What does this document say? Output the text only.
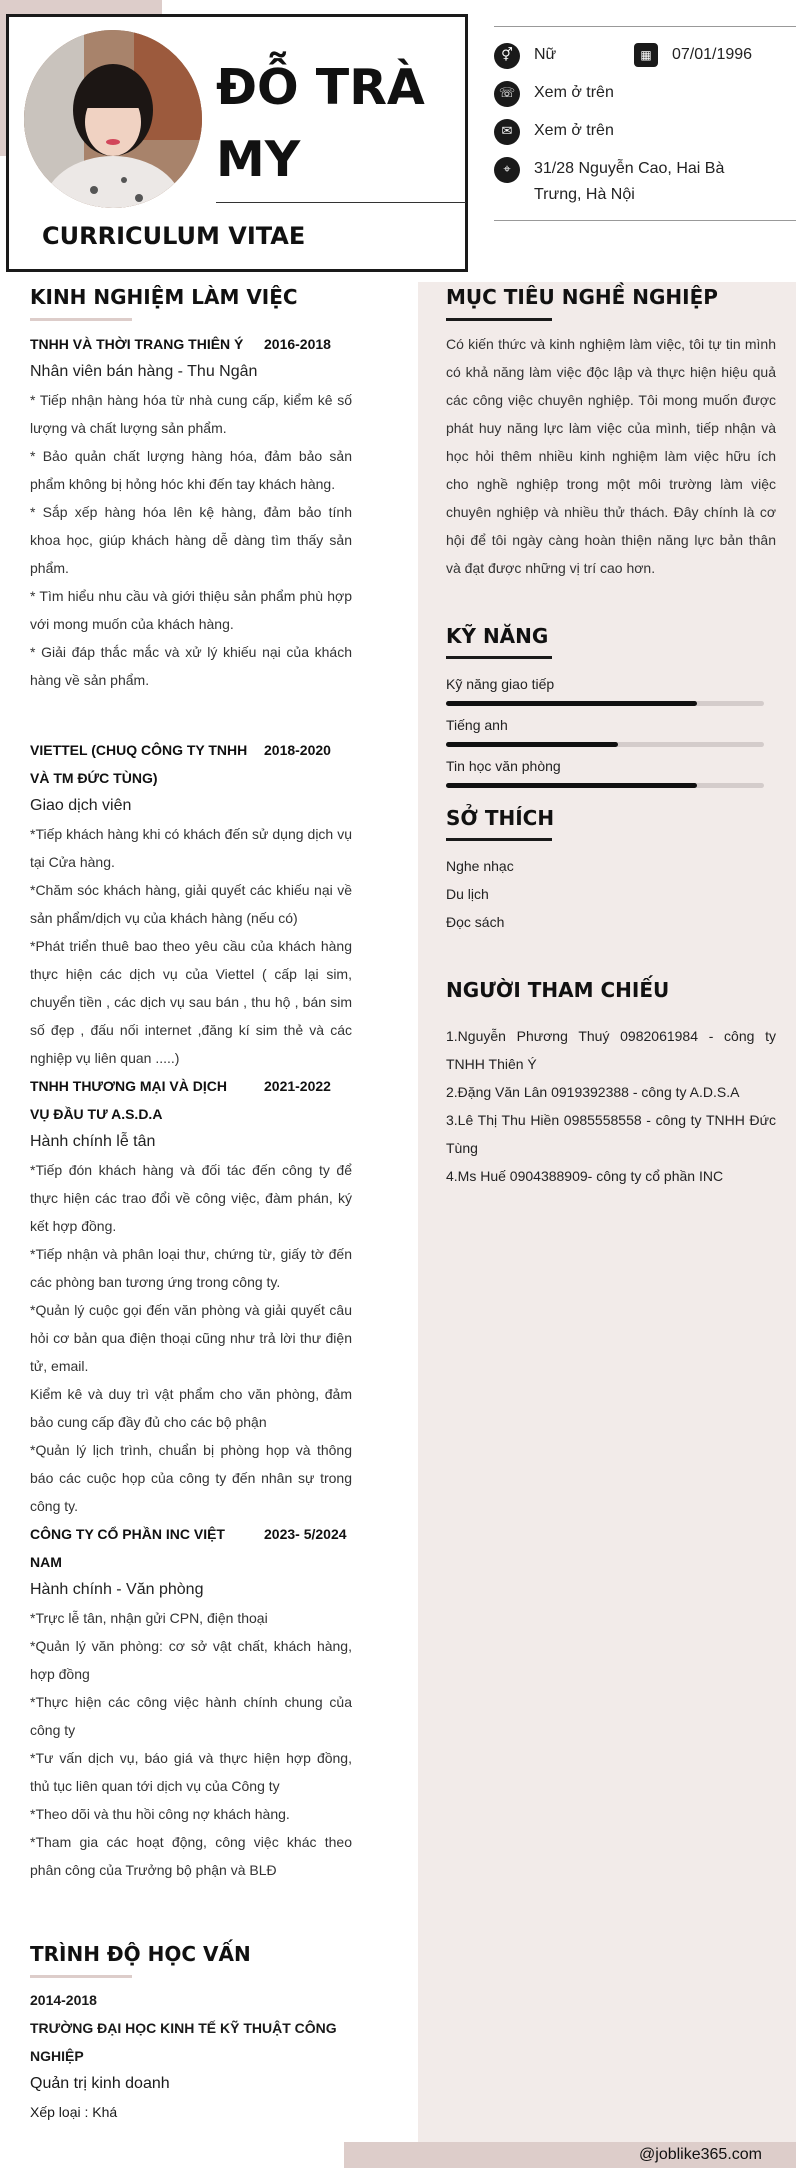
ĐỖ TRÀ MY
CURRICULUM VITAE
⚥	Nữ	▦	07/01/1996
☏	Xem ở trên
✉	Xem ở trên
⌖	31/28 Nguyễn Cao, Hai Bà Trưng, Hà Nội
KINH NGHIỆM LÀM VIỆC
TNHH VÀ THỜI TRANG THIÊN Ý	2016-2018
Nhân viên bán hàng - Thu Ngân
* Tiếp nhận hàng hóa từ nhà cung cấp, kiểm kê số lượng và chất lượng sản phẩm.
* Bảo quản chất lượng hàng hóa, đảm bảo sản phẩm không bị hỏng hóc khi đến tay khách hàng.
* Sắp xếp hàng hóa lên kệ hàng, đảm bảo tính khoa học, giúp khách hàng dễ dàng tìm thấy sản phẩm.
* Tìm hiểu nhu cầu và giới thiệu sản phẩm phù hợp với mong muốn của khách hàng.
* Giải đáp thắc mắc và xử lý khiếu nại của khách hàng về sản phẩm.
VIETTEL (CHUQ CÔNG TY TNHH VÀ TM ĐỨC TÙNG)
2018-2020
Giao dịch viên
*Tiếp khách hàng khi có khách đến sử dụng dịch vụ tại Cửa hàng.
*Chăm sóc khách hàng, giải quyết các khiếu nại về sản phẩm/dịch vụ của khách hàng (nếu có)
*Phát triển thuê bao theo yêu cầu của khách hàng thực hiện các dịch vụ của Viettel ( cấp lại sim, chuyển tiền , các dịch vụ sau bán , thu hộ , bán sim số đẹp , đấu nối internet ,đăng kí sim thẻ và các nghiệp vụ liên quan .....)
TNHH THƯƠNG MẠI VÀ DỊCH VỤ ĐẦU TƯ A.S.D.A
2021-2022
Hành chính lễ tân
*Tiếp đón khách hàng và đối tác đến công ty để thực hiện các trao đổi về công việc, đàm phán, ký kết hợp đồng.
*Tiếp nhận và phân loại thư, chứng từ, giấy tờ đến các phòng ban tương ứng trong công ty.
*Quản lý cuộc gọi đến văn phòng và giải quyết câu hỏi cơ bản qua điện thoại cũng như trả lời thư điện tử, email.
Kiểm kê và duy trì vật phẩm cho văn phòng, đảm bảo cung cấp đầy đủ cho các bộ phận
*Quản lý lịch trình, chuẩn bị phòng họp và thông báo các cuộc họp của công ty đến nhân sự trong công ty.
CÔNG TY CỔ PHẦN INC VIỆT NAM
2023- 5/2024
Hành chính - Văn phòng
*Trực lễ tân, nhận gửi CPN, điện thoại
*Quản lý văn phòng: cơ sở vật chất, khách hàng, hợp đồng
*Thực hiện các công việc hành chính chung của công ty
*Tư vấn dịch vụ, báo giá và thực hiện hợp đồng, thủ tục liên quan tới dịch vụ của Công ty
*Theo dõi và thu hồi công nợ khách hàng.
*Tham gia các hoạt động, công việc khác theo phân công của Trưởng bộ phận và BLĐ
TRÌNH ĐỘ HỌC VẤN
2014-2018
TRƯỜNG ĐẠI HỌC KINH TẾ KỸ THUẬT CÔNG NGHIỆP
Quản trị kinh doanh
Xếp loại : Khá
MỤC TIÊU NGHỀ NGHIỆP
Có kiến thức và kinh nghiệm làm việc, tôi tự tin mình có khả năng làm việc độc lập và thực hiện hiệu quả các công việc chuyên nghiệp. Tôi mong muốn được phát huy năng lực làm việc của mình, tiếp nhận và học hỏi thêm nhiều kinh nghiệm làm việc hữu ích cho nghề nghiệp trong một môi trường làm việc chuyên nghiệp và nhiều thử thách. Đây chính là cơ hội để tôi ngày càng hoàn thiện năng lực bản thân và đạt được những vị trí cao hơn.
KỸ NĂNG
Kỹ năng giao tiếp
Tiếng anh
Tin học văn phòng
SỞ THÍCH
Nghe nhạc
Du lịch
Đọc sách
NGƯỜI THAM CHIẾU
1.Nguyễn Phương Thuý 0982061984 - công ty TNHH Thiên Ý
2.Đặng Văn Lân 0919392388 - công ty A.D.S.A
3.Lê Thị Thu Hiền 0985558558 - công ty TNHH Đức Tùng
4.Ms Huế 0904388909- công ty cổ phần INC
@joblike365.com
